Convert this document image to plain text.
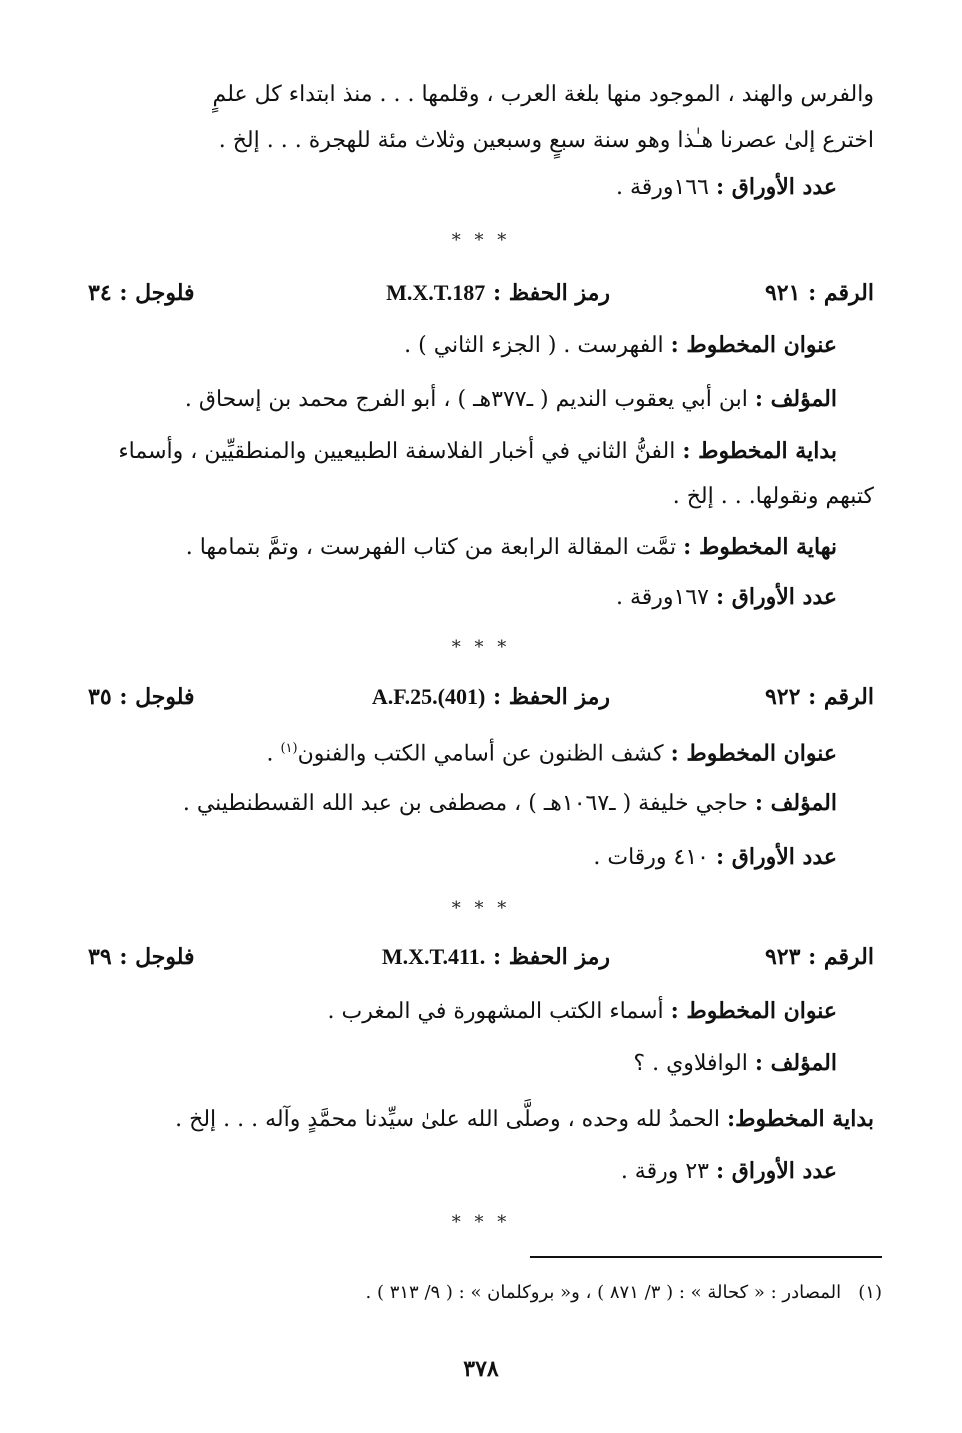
والفرس والهند ، الموجود منها بلغة العرب ، وقلمها . . . منذ ابتداء كل علمٍ
اخترع إلىٰ عصرنا هـٰذا وهو سنة سبعٍ وسبعين وثلاث مئة للهجرة . . . إلخ .
عدد الأوراق : ١٦٦ورقة .
* * *
الرقم : ٩٢١
رمز الحفظ : M.X.T.187
فلوجل : ٣٤
عنوان المخطوط : الفهرست . ( الجزء الثاني ) .
المؤلف : ابن أبي يعقوب النديم ( ـ٣٧٧هـ ) ، أبو الفرج محمد بن إسحاق .
بداية المخطوط : الفنُّ الثاني في أخبار الفلاسفة الطبيعيين والمنطقيِّين ، وأسماء
كتبهم ونقولها. . . إلخ .
نهاية المخطوط : تمَّت المقالة الرابعة من كتاب الفهرست ، وتمَّ بتمامها .
عدد الأوراق : ١٦٧ورقة .
* * *
الرقم : ٩٢٢
رمز الحفظ : A.F.25.(401)
فلوجل : ٣٥
عنوان المخطوط : كشف الظنون عن أسامي الكتب والفنون$^{(١)}$ .
المؤلف : حاجي خليفة ( ـ١٠٦٧هـ ) ، مصطفى بن عبد الله القسطنطيني .
عدد الأوراق : ٤١٠ ورقات .
* * *
الرقم : ٩٢٣
رمز الحفظ : M.X.T.411.
فلوجل : ٣٩
عنوان المخطوط : أسماء الكتب المشهورة في المغرب .
المؤلف : الوافلاوي . ؟
بداية المخطوط: الحمدُ لله وحده ، وصلَّى الله علىٰ سيِّدنا محمَّدٍ وآله . . . إلخ .
عدد الأوراق : ٢٣ ورقة .
* * *
(١)   المصادر : « كحالة » : ( ٣/ ٨٧١ ) ، و« بروكلمان » : ( ٩/ ٣١٣ ) .
٣٧٨
